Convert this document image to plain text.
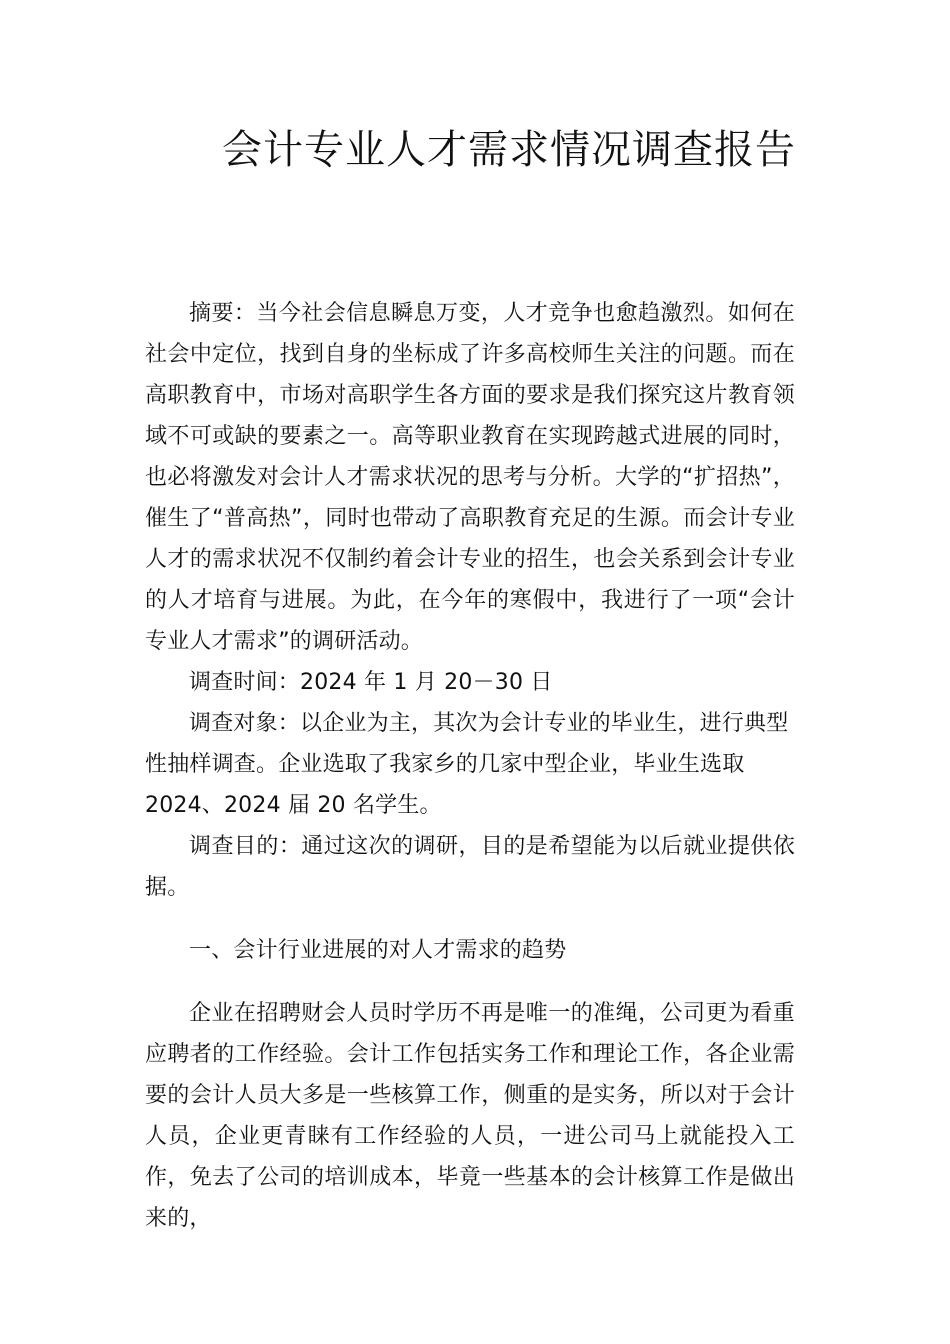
会计专业人才需求情况调查报告

摘要：当今社会信息瞬息万变，人才竞争也愈趋激烈。如何在社会中定位，找到自身的坐标成了许多高校师生关注的问题。而在高职教育中，市场对高职学生各方面的要求是我们探究这片教育领域不可或缺的要素之一。高等职业教育在实现跨越式进展的同时，也必将激发对会计人才需求状况的思考与分析。大学的“扩招热”，催生了“普高热”，同时也带动了高职教育充足的生源。而会计专业人才的需求状况不仅制约着会计专业的招生，也会关系到会计专业的人才培育与进展。为此，在今年的寒假中，我进行了一项“会计专业人才需求”的调研活动。

调查时间：2024 年 1 月 20－30 日

调查对象：以企业为主，其次为会计专业的毕业生，进行典型性抽样调查。企业选取了我家乡的几家中型企业，毕业生选取2024、2024 届 20 名学生。

调查目的：通过这次的调研，目的是希望能为以后就业提供依据。

一、会计行业进展的对人才需求的趋势

企业在招聘财会人员时学历不再是唯一的准绳，公司更为看重应聘者的工作经验。会计工作包括实务工作和理论工作，各企业需要的会计人员大多是一些核算工作，侧重的是实务，所以对于会计人员，企业更青睐有工作经验的人员，一进公司马上就能投入工作，免去了公司的培训成本，毕竟一些基本的会计核算工作是做出来的，
